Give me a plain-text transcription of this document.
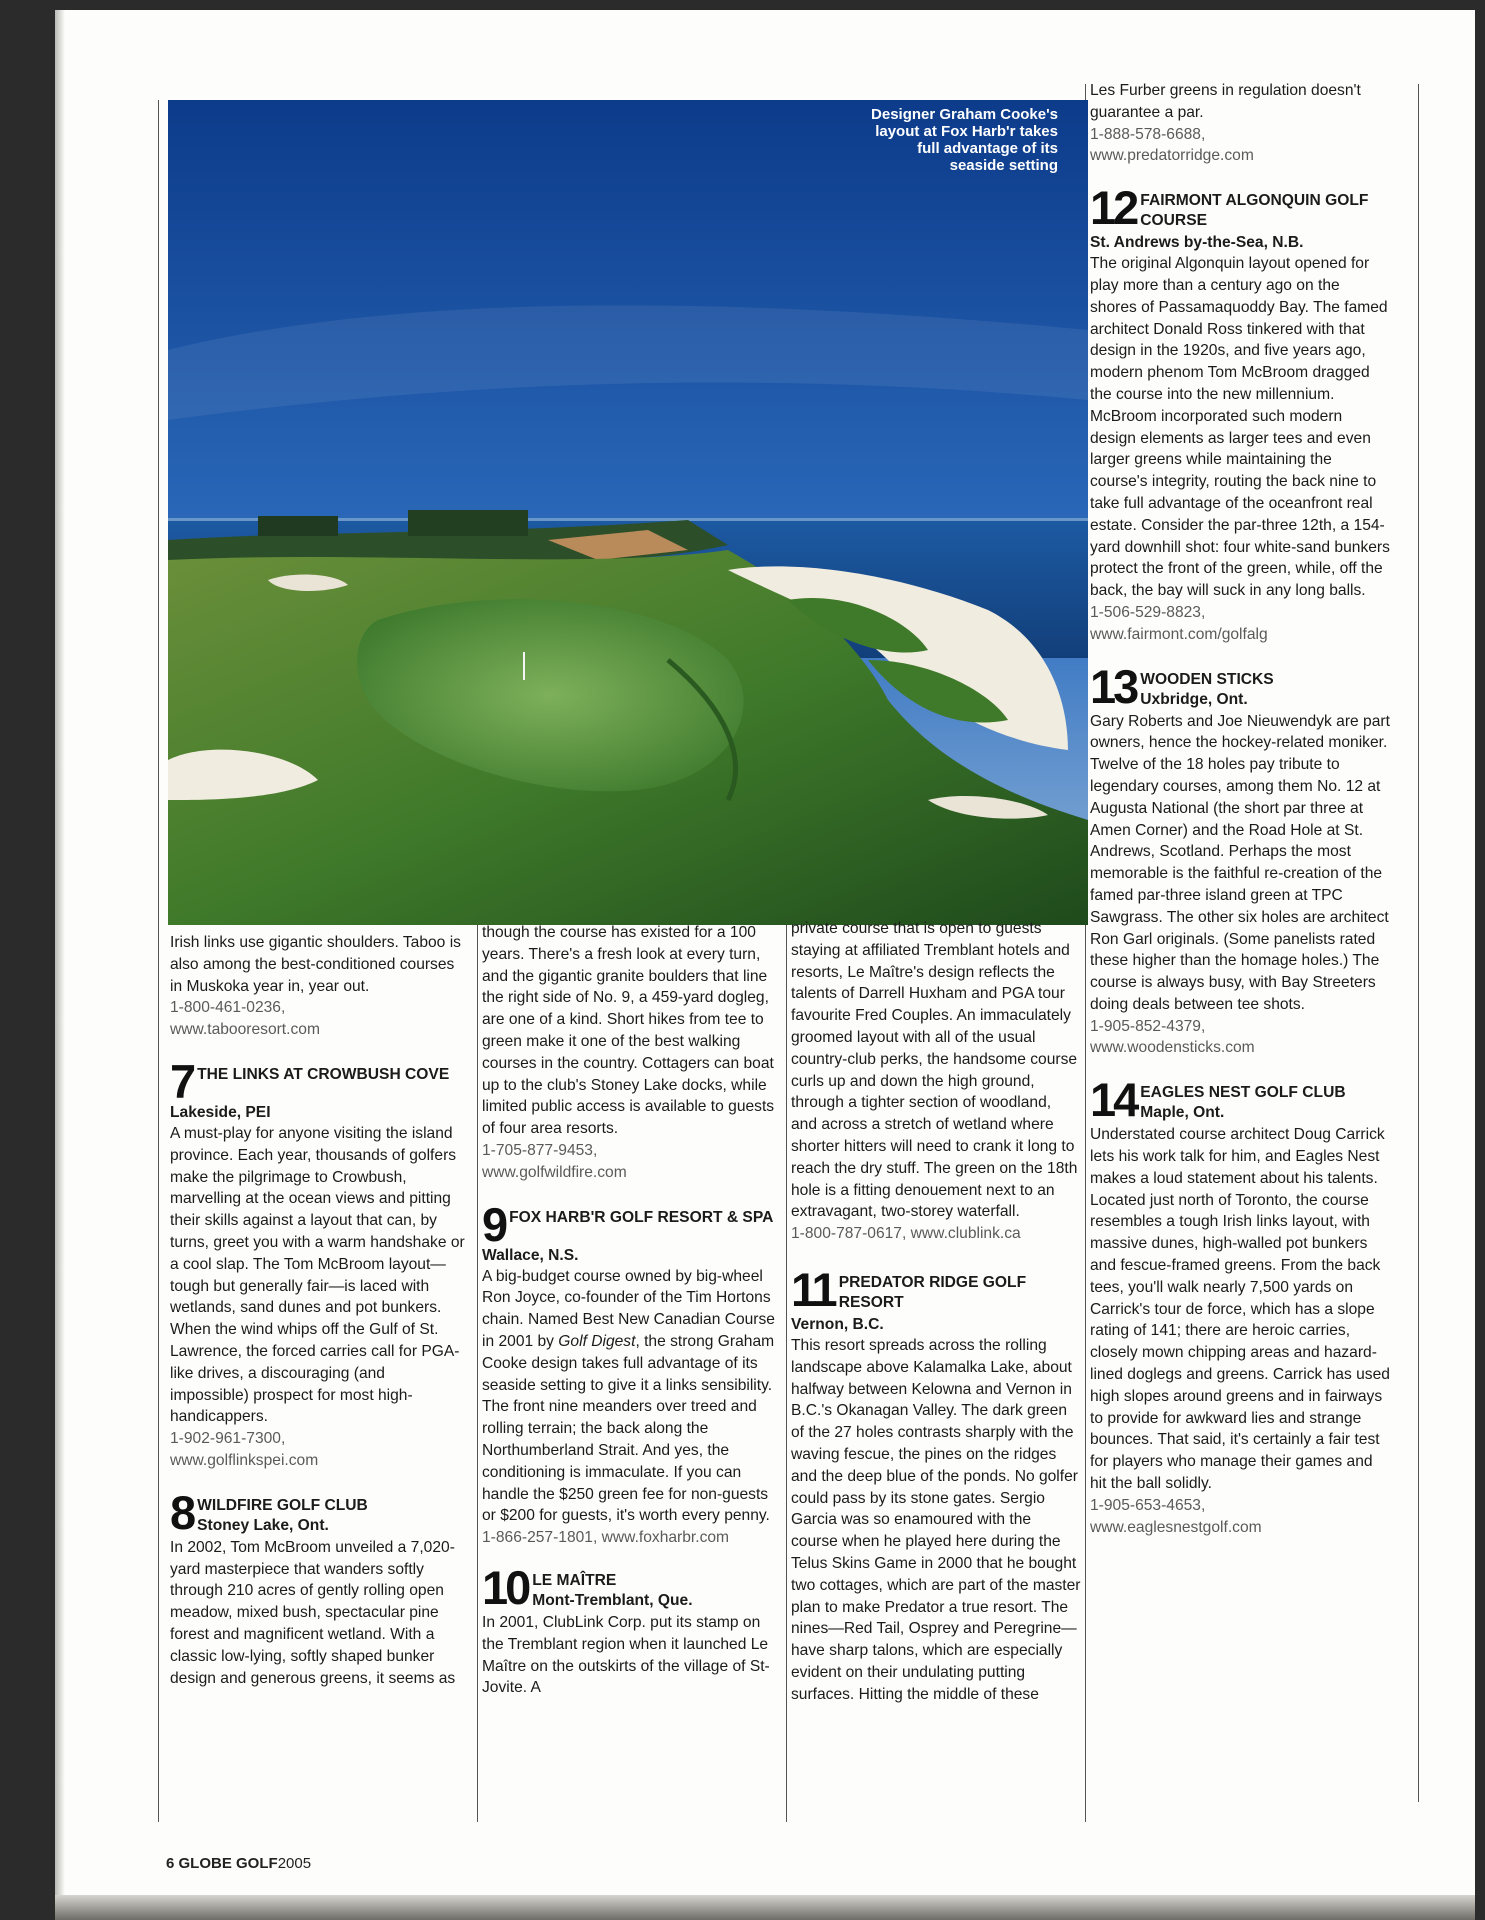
Designer Graham Cooke's layout at Fox Harb'r takes full advantage of its seaside setting

Irish links use gigantic shoulders. Taboo is also among the best-conditioned courses in Muskoka year in, year out.

1-800-461-0236,

www.tabooresort.com

7 THE LINKS AT CROWBUSH COVE
Lakeside, PEI

A must-play for anyone visiting the island province. Each year, thousands of golfers make the pilgrimage to Crowbush, marvelling at the ocean views and pitting their skills against a layout that can, by turns, greet you with a warm handshake or a cool slap. The Tom McBroom layout—tough but generally fair—is laced with wetlands, sand dunes and pot bunkers. When the wind whips off the Gulf of St. Lawrence, the forced carries call for PGA-like drives, a discouraging (and impossible) prospect for most high-handicappers.

1-902-961-7300,

www.golflinkspei.com

8 WILDFIRE GOLF CLUB
Stoney Lake, Ont.

In 2002, Tom McBroom unveiled a 7,020-yard masterpiece that wanders softly through 210 acres of gently rolling open meadow, mixed bush, spectacular pine forest and magnificent wetland. With a classic low-lying, softly shaped bunker design and generous greens, it seems as

though the course has existed for a 100 years. There's a fresh look at every turn, and the gigantic granite boulders that line the right side of No. 9, a 459-yard dogleg, are one of a kind. Short hikes from tee to green make it one of the best walking courses in the country. Cottagers can boat up to the club's Stoney Lake docks, while limited public access is available to guests of four area resorts.

1-705-877-9453,

www.golfwildfire.com

9 FOX HARB'R GOLF RESORT & SPA
Wallace, N.S.

A big-budget course owned by big-wheel Ron Joyce, co-founder of the Tim Hortons chain. Named Best New Canadian Course in 2001 by Golf Digest, the strong Graham Cooke design takes full advantage of its seaside setting to give it a links sensibility. The front nine meanders over treed and rolling terrain; the back along the Northumberland Strait. And yes, the conditioning is immaculate. If you can handle the $250 green fee for non-guests or $200 for guests, it's worth every penny.

1-866-257-1801, www.foxharbr.com

10 LE MAÎTRE
Mont-Tremblant, Que.

In 2001, ClubLink Corp. put its stamp on the Tremblant region when it launched Le Maître on the outskirts of the village of St-Jovite. A

private course that is open to guests staying at affiliated Tremblant hotels and resorts, Le Maître's design reflects the talents of Darrell Huxham and PGA tour favourite Fred Couples. An immaculately groomed layout with all of the usual country-club perks, the handsome course curls up and down the high ground, through a tighter section of woodland, and across a stretch of wetland where shorter hitters will need to crank it long to reach the dry stuff. The green on the 18th hole is a fitting denouement next to an extravagant, two-storey waterfall.

1-800-787-0617, www.clublink.ca

11 PREDATOR RIDGE GOLF RESORT
Vernon, B.C.

This resort spreads across the rolling landscape above Kalamalka Lake, about halfway between Kelowna and Vernon in B.C.'s Okanagan Valley. The dark green of the 27 holes contrasts sharply with the waving fescue, the pines on the ridges and the deep blue of the ponds. No golfer could pass by its stone gates. Sergio Garcia was so enamoured with the course when he played here during the Telus Skins Game in 2000 that he bought two cottages, which are part of the master plan to make Predator a true resort. The nines—Red Tail, Osprey and Peregrine—have sharp talons, which are especially evident on their undulating putting surfaces. Hitting the middle of these

Les Furber greens in regulation doesn't guarantee a par.

1-888-578-6688,

www.predatorridge.com

12 FAIRMONT ALGONQUIN GOLF COURSE
St. Andrews by-the-Sea, N.B.

The original Algonquin layout opened for play more than a century ago on the shores of Passamaquoddy Bay. The famed architect Donald Ross tinkered with that design in the 1920s, and five years ago, modern phenom Tom McBroom dragged the course into the new millennium. McBroom incorporated such modern design elements as larger tees and even larger greens while maintaining the course's integrity, routing the back nine to take full advantage of the oceanfront real estate. Consider the par-three 12th, a 154-yard downhill shot: four white-sand bunkers protect the front of the green, while, off the back, the bay will suck in any long balls.

1-506-529-8823,

www.fairmont.com/golfalg

13 WOODEN STICKS
Uxbridge, Ont.

Gary Roberts and Joe Nieuwendyk are part owners, hence the hockey-related moniker. Twelve of the 18 holes pay tribute to legendary courses, among them No. 12 at Augusta National (the short par three at Amen Corner) and the Road Hole at St. Andrews, Scotland. Perhaps the most memorable is the faithful re-creation of the famed par-three island green at TPC Sawgrass. The other six holes are architect Ron Garl originals. (Some panelists rated these higher than the homage holes.) The course is always busy, with Bay Streeters doing deals between tee shots.

1-905-852-4379,

www.woodensticks.com

14 EAGLES NEST GOLF CLUB
Maple, Ont.

Understated course architect Doug Carrick lets his work talk for him, and Eagles Nest makes a loud statement about his talents. Located just north of Toronto, the course resembles a tough Irish links layout, with massive dunes, high-walled pot bunkers and fescue-framed greens. From the back tees, you'll walk nearly 7,500 yards on Carrick's tour de force, which has a slope rating of 141; there are heroic carries, closely mown chipping areas and hazard-lined doglegs and greens. Carrick has used high slopes around greens and in fairways to provide for awkward lies and strange bounces. That said, it's certainly a fair test for players who manage their games and hit the ball solidly.

1-905-653-4653,

www.eaglesnestgolf.com

6 GLOBE GOLF2005
